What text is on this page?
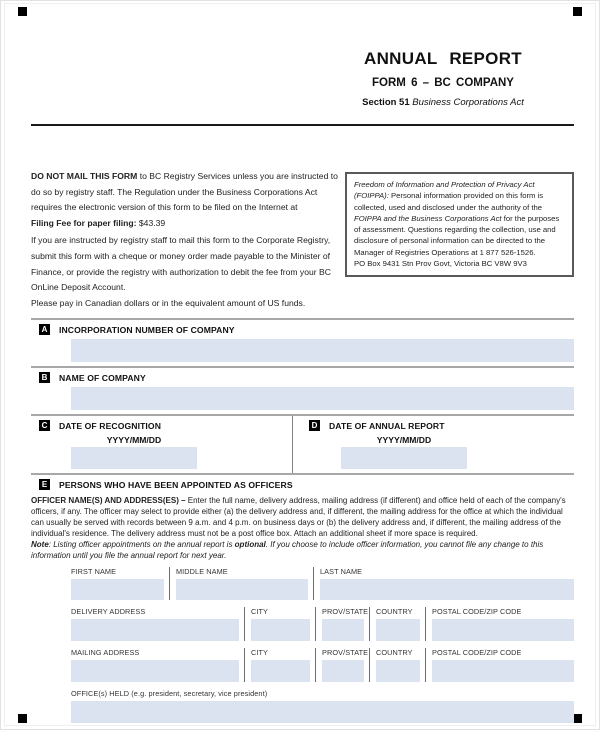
ANNUAL REPORT
FORM 6 – BC COMPANY
Section 51 Business Corporations Act

DO NOT MAIL THIS FORM to BC Registry Services unless you are instructed to do so by registry staff. The Regulation under the Business Corporations Act requires the electronic version of this form to be filed on the Internet at

Filing Fee for paper filing: $43.39

If you are instructed by registry staff to mail this form to the Corporate Registry, submit this form with a cheque or money order made payable to the Minister of Finance, or provide the registry with authorization to debit the fee from your BC OnLine Deposit Account.

Please pay in Canadian dollars or in the equivalent amount of US funds.

Freedom of Information and Protection of Privacy Act (FOIPPA): Personal information provided on this form is collected, used and disclosed under the authority of the FOIPPA and the Business Corporations Act for the purposes of assessment. Questions regarding the collection, use and disclosure of personal information can be directed to the Manager of Registries Operations at 1 877 526-1526.
PO Box 9431 Stn Prov Govt, Victoria BC V8W 9V3
A	INCORPORATION NUMBER OF COMPANY
B	NAME OF COMPANY
C	DATE OF RECOGNITION
YYYY/MM/DD
D	DATE OF ANNUAL REPORT
YYYY/MM/DD
E	PERSONS WHO HAVE BEEN APPOINTED AS OFFICERS
OFFICER NAME(S) AND ADDRESS(ES) – Enter the full name, delivery address, mailing address (if different) and office held of each of the company's officers, if any. The officer may select to provide either (a) the delivery address and, if different, the mailing address for the office at which the individual can usually be served with records between 9 a.m. and 4 p.m. on business days or (b) the delivery address and, if different, the mailing address of the individual's residence. The delivery address must not be a post office box. Attach an additional sheet if more space is required.
Note: Listing officer appointments on the annual report is optional. If you choose to include officer information, you cannot file any change to this information until you file the annual report for next year.
FIRST NAME	MIDDLE NAME	LAST NAME
DELIVERY ADDRESS	CITY	PROV/STATE COUNTRY	POSTAL CODE/ZIP CODE
MAILING ADDRESS	CITY	PROV/STATE COUNTRY	POSTAL CODE/ZIP CODE
OFFICE(s) HELD (e.g. president, secretary, vice president)
